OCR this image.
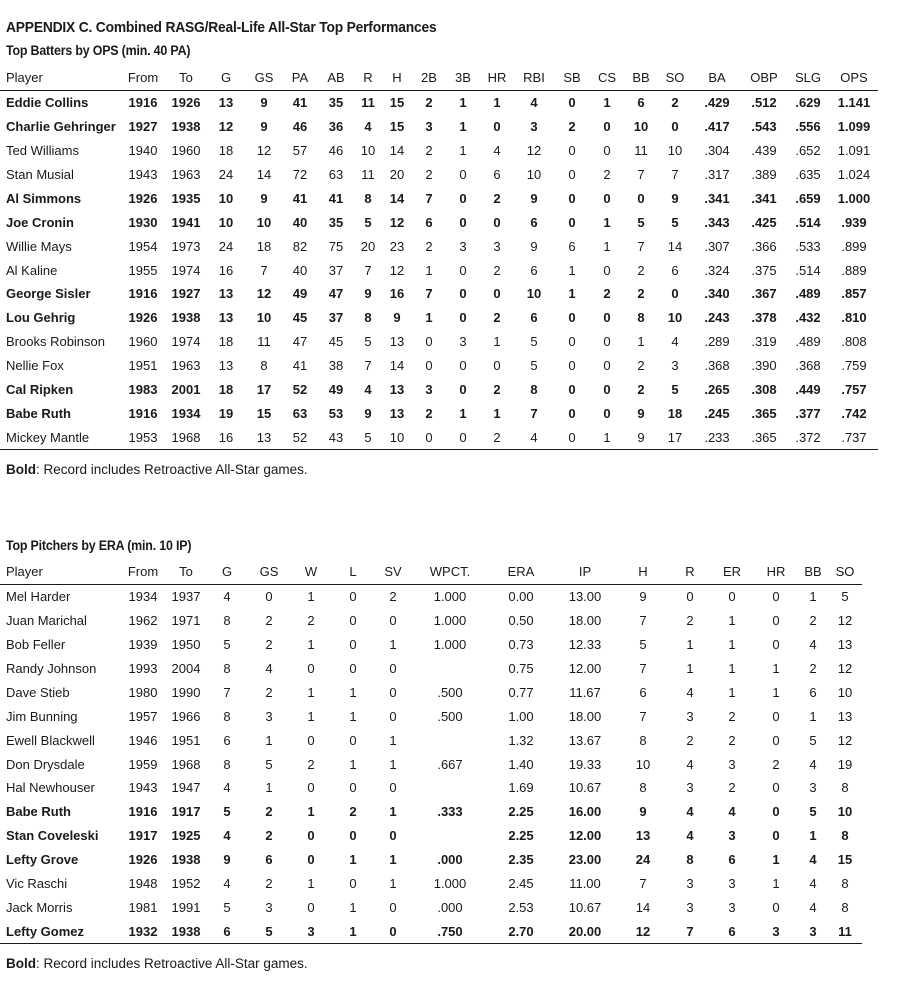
APPENDIX C. Combined RASG/Real-Life All-Star Top Performances
Top Batters by OPS (min. 40 PA)
Player	From	To	G	GS	PA	AB	R	H	2B	3B	HR	RBI	SB	CS	BB	SO	BA	OBP	SLG	OPS
Eddie Collins	1916	1926	13	9	41	35	11	15	2	1	1	4	0	1	6	2	.429	.512	.629	1.141
Charlie Gehringer	1927	1938	12	9	46	36	4	15	3	1	0	3	2	0	10	0	.417	.543	.556	1.099
Ted Williams	1940	1960	18	12	57	46	10	14	2	1	4	12	0	0	11	10	.304	.439	.652	1.091
Stan Musial	1943	1963	24	14	72	63	11	20	2	0	6	10	0	2	7	7	.317	.389	.635	1.024
Al Simmons	1926	1935	10	9	41	41	8	14	7	0	2	9	0	0	0	9	.341	.341	.659	1.000
Joe Cronin	1930	1941	10	10	40	35	5	12	6	0	0	6	0	1	5	5	.343	.425	.514	.939
Willie Mays	1954	1973	24	18	82	75	20	23	2	3	3	9	6	1	7	14	.307	.366	.533	.899
Al Kaline	1955	1974	16	7	40	37	7	12	1	0	2	6	1	0	2	6	.324	.375	.514	.889
George Sisler	1916	1927	13	12	49	47	9	16	7	0	0	10	1	2	2	0	.340	.367	.489	.857
Lou Gehrig	1926	1938	13	10	45	37	8	9	1	0	2	6	0	0	8	10	.243	.378	.432	.810
Brooks Robinson	1960	1974	18	11	47	45	5	13	0	3	1	5	0	0	1	4	.289	.319	.489	.808
Nellie Fox	1951	1963	13	8	41	38	7	14	0	0	0	5	0	0	2	3	.368	.390	.368	.759
Cal Ripken	1983	2001	18	17	52	49	4	13	3	0	2	8	0	0	2	5	.265	.308	.449	.757
Babe Ruth	1916	1934	19	15	63	53	9	13	2	1	1	7	0	0	9	18	.245	.365	.377	.742
Mickey Mantle	1953	1968	16	13	52	43	5	10	0	0	2	4	0	1	9	17	.233	.365	.372	.737
Bold: Record includes Retroactive All-Star games.
Top Pitchers by ERA (min. 10 IP)
Player	From	To	G	GS	W	L	SV	WPCT.	ERA	IP	H	R	ER	HR	BB	SO
Mel Harder	1934	1937	4	0	1	0	2	1.000	0.00	13.00	9	0	0	0	1	5
Juan Marichal	1962	1971	8	2	2	0	0	1.000	0.50	18.00	7	2	1	0	2	12
Bob Feller	1939	1950	5	2	1	0	1	1.000	0.73	12.33	5	1	1	0	4	13
Randy Johnson	1993	2004	8	4	0	0	0		0.75	12.00	7	1	1	1	2	12
Dave Stieb	1980	1990	7	2	1	1	0	.500	0.77	11.67	6	4	1	1	6	10
Jim Bunning	1957	1966	8	3	1	1	0	.500	1.00	18.00	7	3	2	0	1	13
Ewell Blackwell	1946	1951	6	1	0	0	1		1.32	13.67	8	2	2	0	5	12
Don Drysdale	1959	1968	8	5	2	1	1	.667	1.40	19.33	10	4	3	2	4	19
Hal Newhouser	1943	1947	4	1	0	0	0		1.69	10.67	8	3	2	0	3	8
Babe Ruth	1916	1917	5	2	1	2	1	.333	2.25	16.00	9	4	4	0	5	10
Stan Coveleski	1917	1925	4	2	0	0	0		2.25	12.00	13	4	3	0	1	8
Lefty Grove	1926	1938	9	6	0	1	1	.000	2.35	23.00	24	8	6	1	4	15
Vic Raschi	1948	1952	4	2	1	0	1	1.000	2.45	11.00	7	3	3	1	4	8
Jack Morris	1981	1991	5	3	0	1	0	.000	2.53	10.67	14	3	3	0	4	8
Lefty Gomez	1932	1938	6	5	3	1	0	.750	2.70	20.00	12	7	6	3	3	11
Bold: Record includes Retroactive All-Star games.
